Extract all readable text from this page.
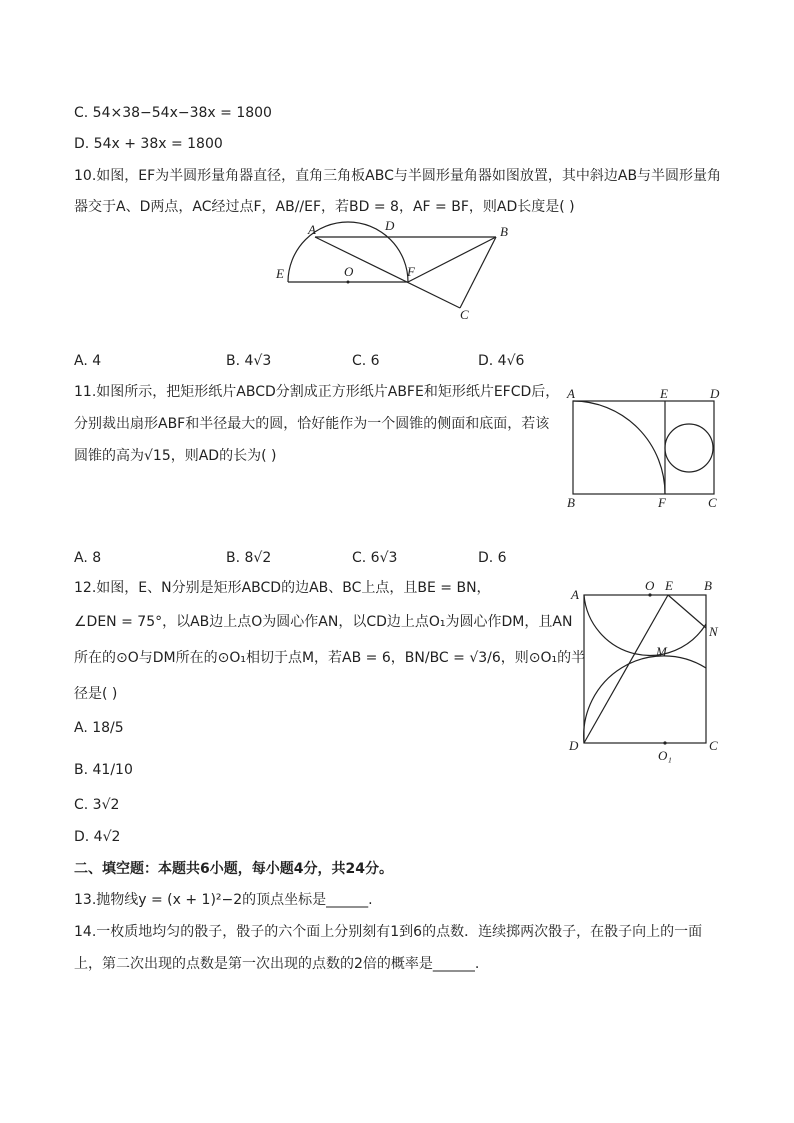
C. 54×38−54x−38x = 1800
D. 54x + 38x = 1800
10.如图，EF为半圆形量角器直径，直角三角板ABC与半圆形量角器如图放置，其中斜边AB与半圆形量角
器交于A、D两点，AC经过点F，AB//EF，若BD = 8，AF = BF，则AD长度是( )
A	D	B
E	O	F
C
A. 4	B. 4√3	C. 6	D. 4√6
11.如图所示，把矩形纸片ABCD分割成正方形纸片ABFE和矩形纸片EFCD后，
分别裁出扇形ABF和半径最大的圆，恰好能作为一个圆锥的侧面和底面，若该
圆锥的高为√15，则AD的长为( )
A	E	D
B	F	C
A. 8	B. 8√2	C. 6√3	D. 6
12.如图，E、N分别是矩形ABCD的边AB、BC上点，且BE = BN，
∠DEN = 75°，以AB边上点O为圆心作AN，以CD边上点O₁为圆心作DM，且AN
所在的⊙O与DM所在的⊙O₁相切于点M，若AB = 6，BN/BC = √3/6，则⊙O₁的半
径是( )
A
O E B
N
M
D
O₁
C
A. 18/5
B. 41/10
C. 3√2
D. 4√2
二、填空题：本题共6小题，每小题4分，共24分。
13.抛物线y = (x + 1)²−2的顶点坐标是______.
14.一枚质地均匀的骰子，骰子的六个面上分别刻有1到6的点数．连续掷两次骰子，在骰子向上的一面
上，第二次出现的点数是第一次出现的点数的2倍的概率是______.
